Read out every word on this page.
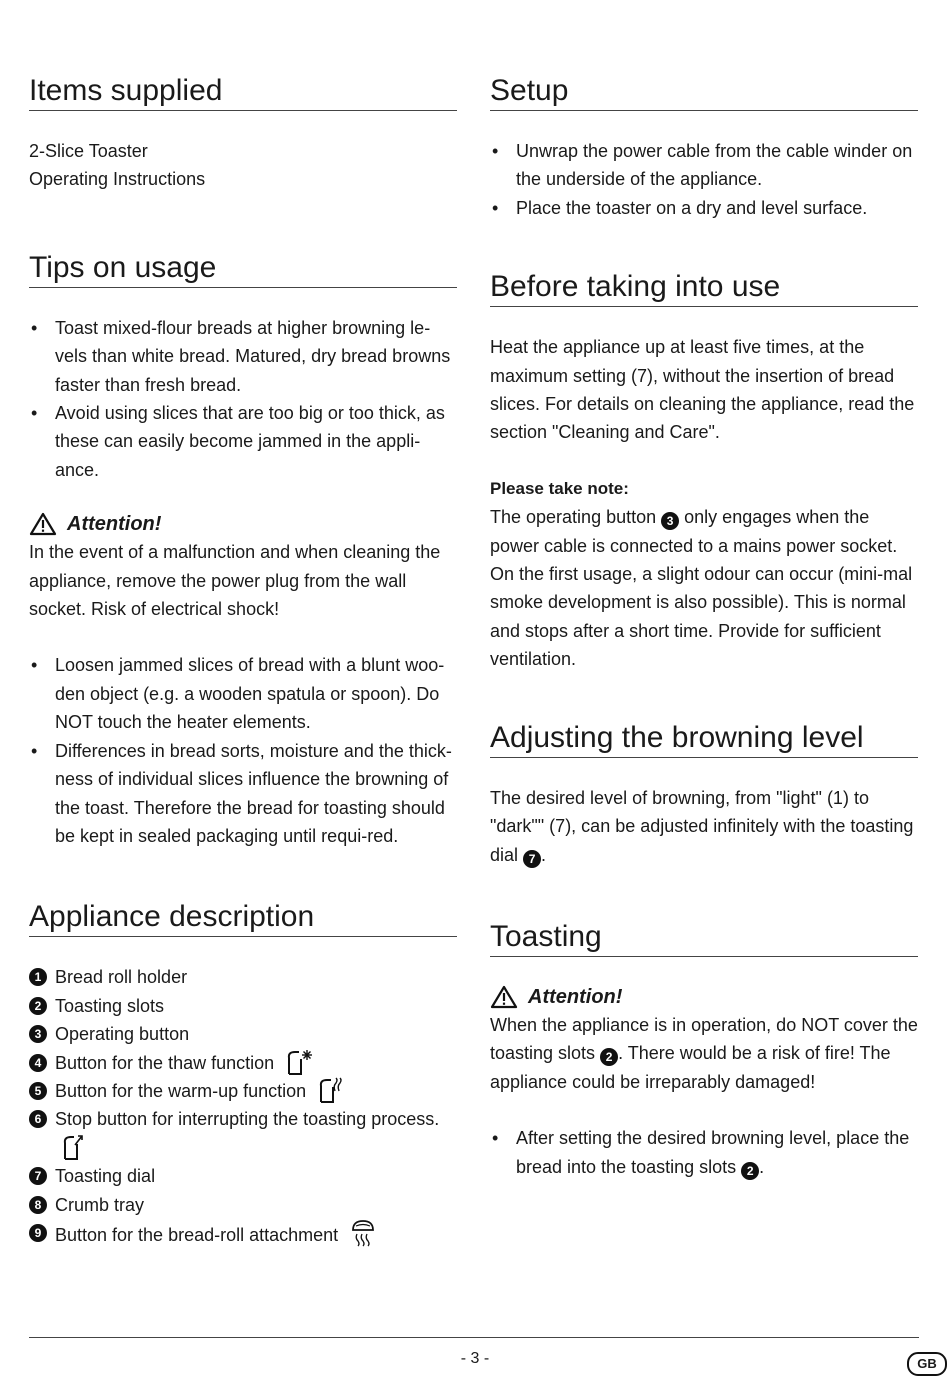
Items supplied

2-Slice Toaster

Operating Instructions

Tips on usage
• Toast mixed-flour breads at higher browning le-vels than white bread. Matured, dry bread browns faster than fresh bread.
• Avoid using slices that are too big or too thick, as these can easily become jammed in the appli-ance.
Attention!

In the event of a malfunction and when cleaning the appliance, remove the power plug from the wall socket. Risk of electrical shock!

• Loosen jammed slices of bread with a blunt woo-den object (e.g. a wooden spatula or spoon). Do NOT touch the heater elements.
• Differences in bread sorts, moisture and the thick-ness of individual slices influence the browning of the toast. Therefore the bread for toasting should be kept in sealed packaging until requi-red.
Appliance description
1 Bread roll holder
2 Toasting slots
3 Operating button
4 Button for the thaw function
5 Button for the warm-up function
6 Stop button for interrupting the toasting process.
7 Toasting dial
8 Crumb tray
9 Button for the bread-roll attachment
Setup
• Unwrap the power cable from the cable winder on the underside of the appliance.
• Place the toaster on a dry and level surface.
Before taking into use

Heat the appliance up at least five times, at the maximum setting (7), without the insertion of bread slices. For details on cleaning the appliance, read the section "Cleaning and Care".

Please take note:

The operating button 3 only engages when the power cable is connected to a mains power socket. On the first usage, a slight odour can occur (mini-mal smoke development is also possible). This is normal and stops after a short time. Provide for sufficient ventilation.

Adjusting the browning level

The desired level of browning, from "light" (1) to "dark"" (7), can be adjusted infinitely with the toasting dial 7 .

Toasting
Attention!

When the appliance is in operation, do NOT cover the toasting slots 2 . There would be a risk of fire! The appliance could be irreparably damaged!

• After setting the desired browning level, place the bread into the toasting slots 2 .
- 3 -	GB
